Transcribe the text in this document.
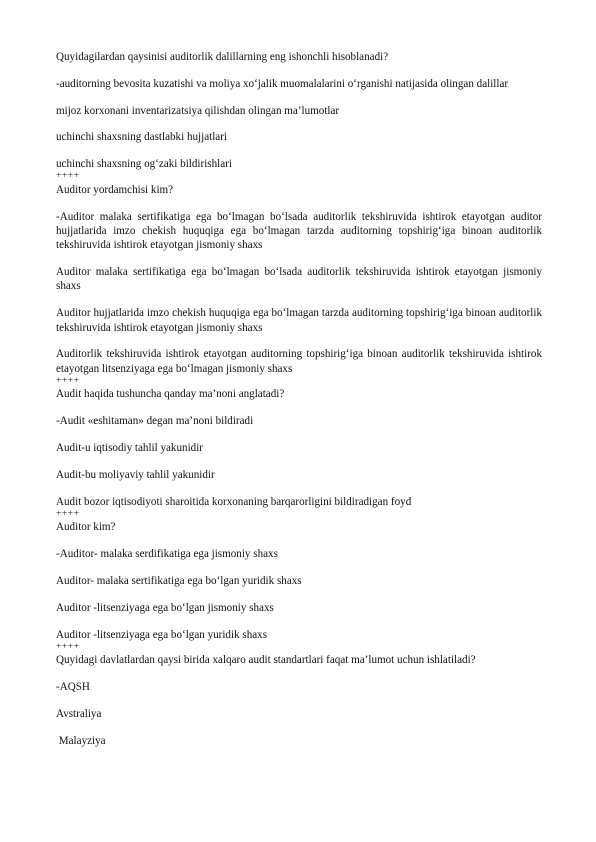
Quyidagilardan qaysinisi auditorlik dalillarning eng ishonchli hisoblanadi?

-auditorning bevosita kuzatishi va moliya xo‘jalik muomalalarini o‘rganishi natijasida olingan dalillar

mijoz korxonani inventarizatsiya qilishdan olingan ma’lumotlar

uchinchi shaxsning dastlabki hujjatlari

uchinchi shaxsning og‘zaki bildirishlari

++++

Auditor yordamchisi kim?

-Auditor malaka sertifikatiga ega bo‘lmagan bo‘lsada auditorlik tekshiruvida ishtirok etayotgan auditor hujjatlarida imzo chekish huquqiga ega bo‘lmagan tarzda auditorning topshirig‘iga binoan auditorlik tekshiruvida ishtirok etayotgan jismoniy shaxs

Auditor malaka sertifikatiga ega bo‘lmagan bo‘lsada auditorlik tekshiruvida ishtirok etayotgan jismoniy shaxs

Auditor hujjatlarida imzo chekish huquqiga ega bo‘lmagan tarzda auditorning topshirig‘iga binoan auditorlik tekshiruvida ishtirok etayotgan jismoniy shaxs

Auditorlik tekshiruvida ishtirok etayotgan auditorning topshirig‘iga binoan auditorlik tekshiruvida ishtirok etayotgan litsenziyaga ega bo‘lmagan jismoniy shaxs

++++

Audit haqida tushuncha qanday ma’noni anglatadi?

-Audit «eshitaman» degan ma’noni bildiradi

Audit-u iqtisodiy tahlil yakunidir

Audit-bu moliyaviy tahlil yakunidir

Audit bozor iqtisodiyoti sharoitida korxonaning barqarorligini bildiradigan foyd

++++

Auditor kim?

-Auditor- malaka serdifikatiga ega jismoniy shaxs

Auditor- malaka sertifikatiga ega bo‘lgan yuridik shaxs

Auditor -litsenziyaga ega bo‘lgan jismoniy shaxs

Auditor -litsenziyaga ega bo‘lgan yuridik shaxs

++++

Quyidagi davlatlardan qaysi birida xalqaro audit standartlari faqat ma’lumot uchun ishlatiladi?

-AQSH

Avstraliya

Malayziya
